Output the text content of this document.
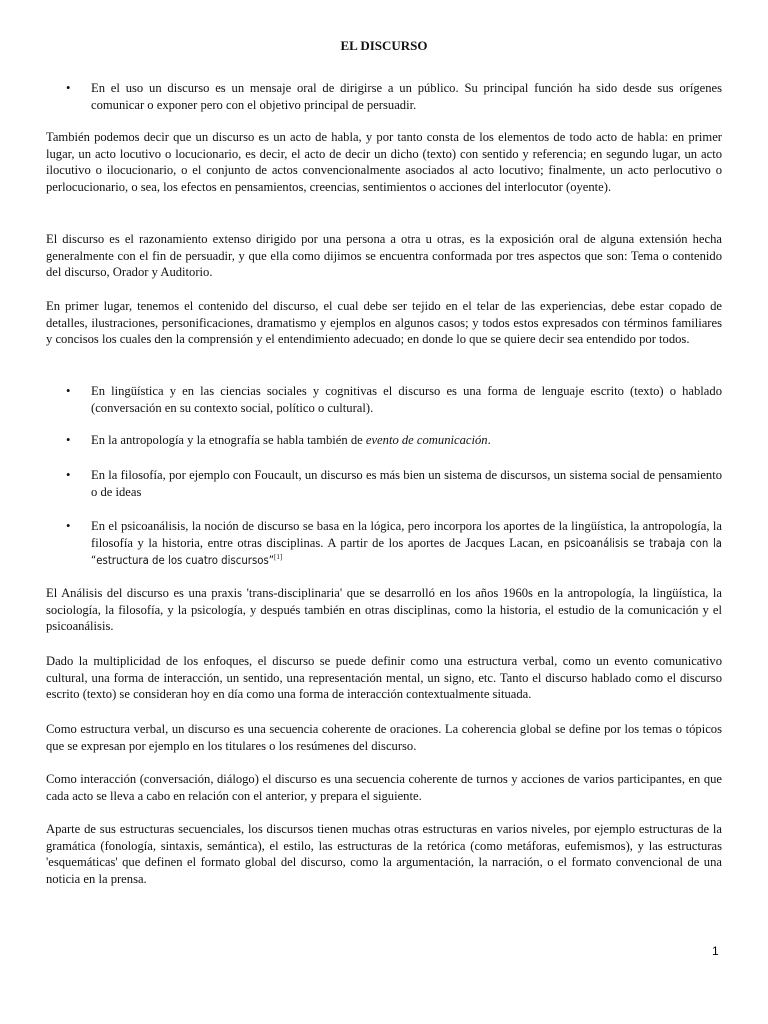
EL DISCURSO
• En el uso un discurso es un mensaje oral de dirigirse a un público. Su principal función ha sido desde sus orígenes comunicar o exponer pero con el objetivo principal de persuadir.

También podemos decir que un discurso es un acto de habla, y por tanto consta de los elementos de todo acto de habla: en primer lugar, un acto locutivo o locucionario, es decir, el acto de decir un dicho (texto) con sentido y referencia; en segundo lugar, un acto ilocutivo o ilocucionario, o el conjunto de actos convencionalmente asociados al acto locutivo; finalmente, un acto perlocutivo o perlocucionario, o sea, los efectos en pensamientos, creencias, sentimientos o acciones del interlocutor (oyente).

El discurso es el razonamiento extenso dirigido por una persona a otra u otras, es la exposición oral de alguna extensión hecha generalmente con el fin de persuadir, y que ella como dijimos se encuentra conformada por tres aspectos que son: Tema o contenido del discurso, Orador y Auditorio.

En primer lugar, tenemos el contenido del discurso, el cual debe ser tejido en el telar de las experiencias, debe estar copado de detalles, ilustraciones, personificaciones, dramatismo y ejemplos en algunos casos; y todos estos expresados con términos familiares y concisos los cuales den la comprensión y el entendimiento adecuado; en donde lo que se quiere decir sea entendido por todos.

• En lingüística y en las ciencias sociales y cognitivas el discurso es una forma de lenguaje escrito (texto) o hablado (conversación en su contexto social, político o cultural).
• En la antropología y la etnografía se habla también de evento de comunicación.
• En la filosofía, por ejemplo con Foucault, un discurso es más bien un sistema de discursos, un sistema social de pensamiento o de ideas
• En el psicoanálisis, la noción de discurso se basa en la lógica, pero incorpora los aportes de la lingüística, la antropología, la filosofía y la historia, entre otras disciplinas. A partir de los aportes de Jacques Lacan, en psicoanálisis se trabaja con la “estructura de los cuatro discursos”[1]

El Análisis del discurso es una praxis 'trans-disciplinaria' que se desarrolló en los años 1960s en la antropología, la lingüística, la sociología, la filosofía, y la psicología, y después también en otras disciplinas, como la historia, el estudio de la comunicación y el psicoanálisis.

Dado la multiplicidad de los enfoques, el discurso se puede definir como una estructura verbal, como un evento comunicativo cultural, una forma de interacción, un sentido, una representación mental, un signo, etc. Tanto el discurso hablado como el discurso escrito (texto) se consideran hoy en día como una forma de interacción contextualmente situada.

Como estructura verbal, un discurso es una secuencia coherente de oraciones. La coherencia global se define por los temas o tópicos que se expresan por ejemplo en los titulares o los resúmenes del discurso.

Como interacción (conversación, diálogo) el discurso es una secuencia coherente de turnos y acciones de varios participantes, en que cada acto se lleva a cabo en relación con el anterior, y prepara el siguiente.

Aparte de sus estructuras secuenciales, los discursos tienen muchas otras estructuras en varios niveles, por ejemplo estructuras de la gramática (fonología, sintaxis, semántica), el estilo, las estructuras de la retórica (como metáforas, eufemismos), y las estructuras 'esquemáticas' que definen el formato global del discurso, como la argumentación, la narración, o el formato convencional de una noticia en la prensa.

1
